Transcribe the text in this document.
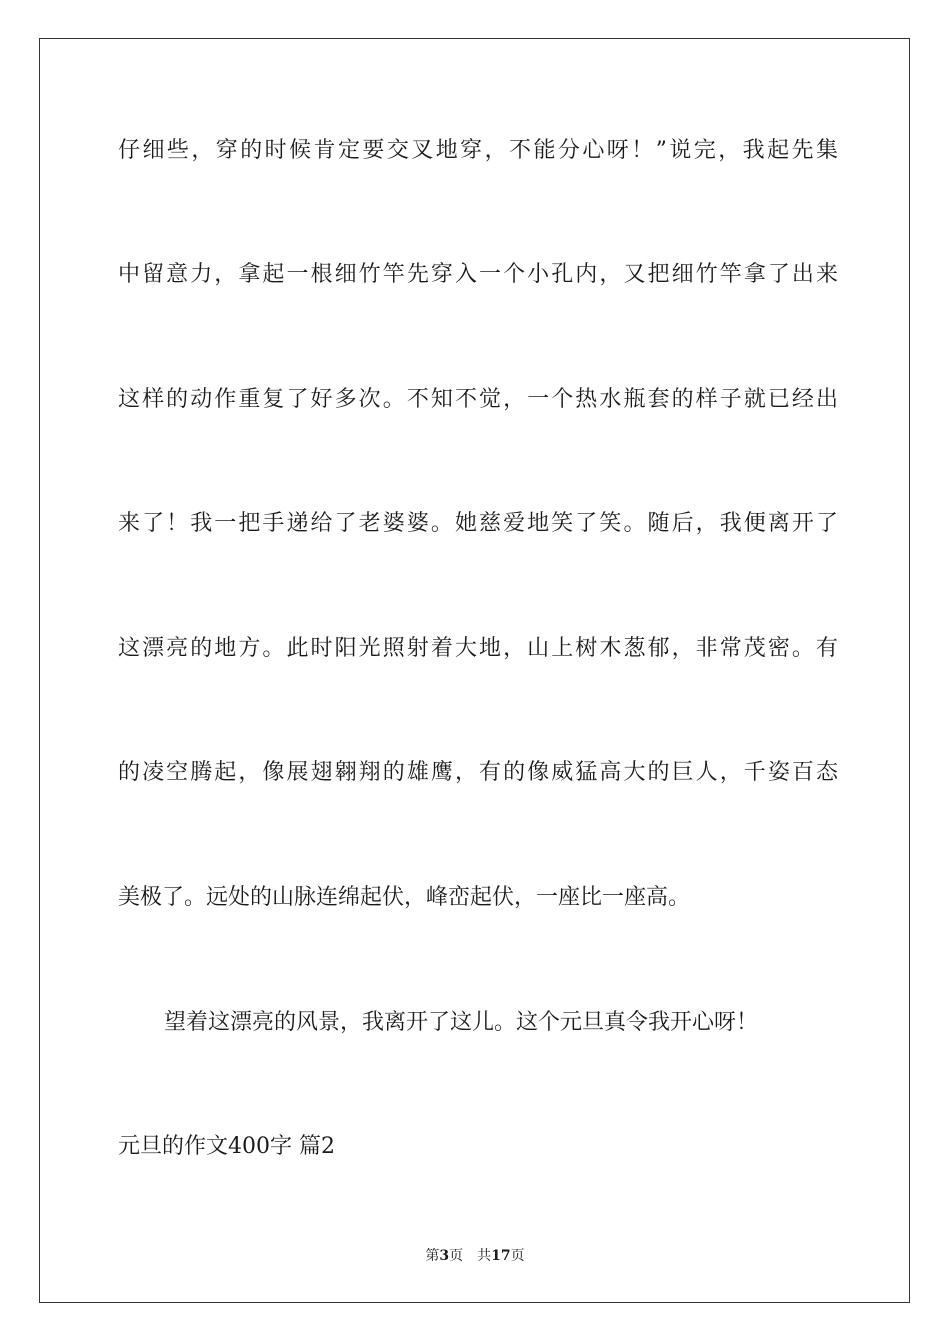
仔细些，穿的时候肯定要交叉地穿，不能分心呀！”说完，我起先集
中留意力，拿起一根细竹竿先穿入一个小孔内，又把细竹竿拿了出来
这样的动作重复了好多次。不知不觉，一个热水瓶套的样子就已经出
来了！我一把手递给了老婆婆。她慈爱地笑了笑。随后，我便离开了
这漂亮的地方。此时阳光照射着大地，山上树木葱郁，非常茂密。有
的凌空腾起，像展翅翱翔的雄鹰，有的像威猛高大的巨人，千姿百态
美极了。远处的山脉连绵起伏，峰峦起伏，一座比一座高。
望着这漂亮的风景，我离开了这儿。这个元旦真令我开心呀！
元旦的作文400字 篇2
第3页 共17页
